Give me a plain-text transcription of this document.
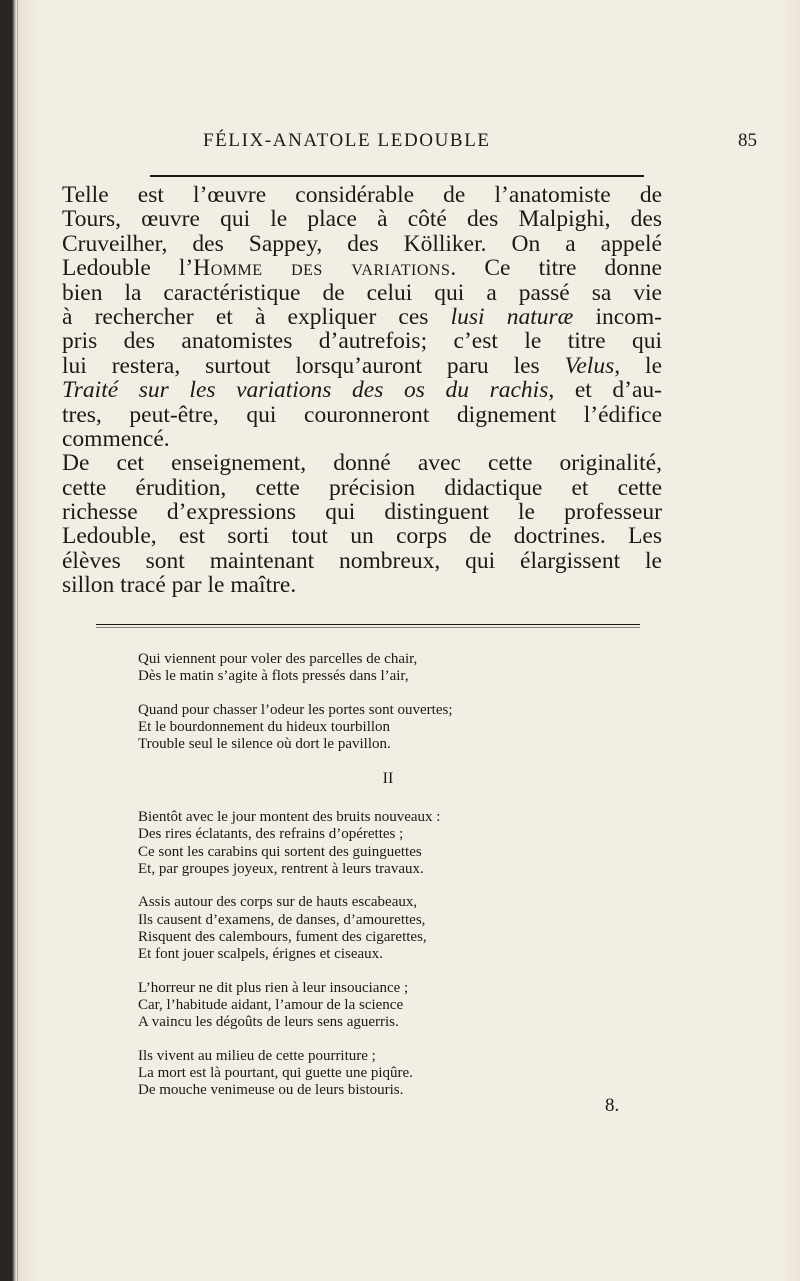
FÉLIX-ANATOLE LEDOUBLE	85
Telle est l’œuvre considérable de l’anatomiste de
Tours, œuvre qui le place à côté des Malpighi, des
Cruveilher, des Sappey, des Kölliker. On a appelé
Ledouble l’Homme des variations. Ce titre donne
bien la caractéristique de celui qui a passé sa vie
à rechercher et à expliquer ces lusi naturæ incom-
pris des anatomistes d’autrefois; c’est le titre qui
lui restera, surtout lorsqu’auront paru les Velus, le
Traité sur les variations des os du rachis, et d’au-
tres, peut-être, qui couronneront dignement l’édifice
commencé.
De cet enseignement, donné avec cette originalité,
cette érudition, cette précision didactique et cette
richesse d’expressions qui distinguent le professeur
Ledouble, est sorti tout un corps de doctrines. Les
élèves sont maintenant nombreux, qui élargissent le
sillon tracé par le maître.
Qui viennent pour voler des parcelles de chair,
Dès le matin s’agite à flots pressés dans l’air,
Quand pour chasser l’odeur les portes sont ouvertes;
Et le bourdonnement du hideux tourbillon
Trouble seul le silence où dort le pavillon.
II
Bientôt avec le jour montent des bruits nouveaux :
Des rires éclatants, des refrains d’opérettes ;
Ce sont les carabins qui sortent des guinguettes
Et, par groupes joyeux, rentrent à leurs travaux.
Assis autour des corps sur de hauts escabeaux,
Ils causent d’examens, de danses, d’amourettes,
Risquent des calembours, fument des cigarettes,
Et font jouer scalpels, érignes et ciseaux.
L’horreur ne dit plus rien à leur insouciance ;
Car, l’habitude aidant, l’amour de la science
A vaincu les dégoûts de leurs sens aguerris.
Ils vivent au milieu de cette pourriture ;
La mort est là pourtant, qui guette une piqûre.
De mouche venimeuse ou de leurs bistouris.
8.
